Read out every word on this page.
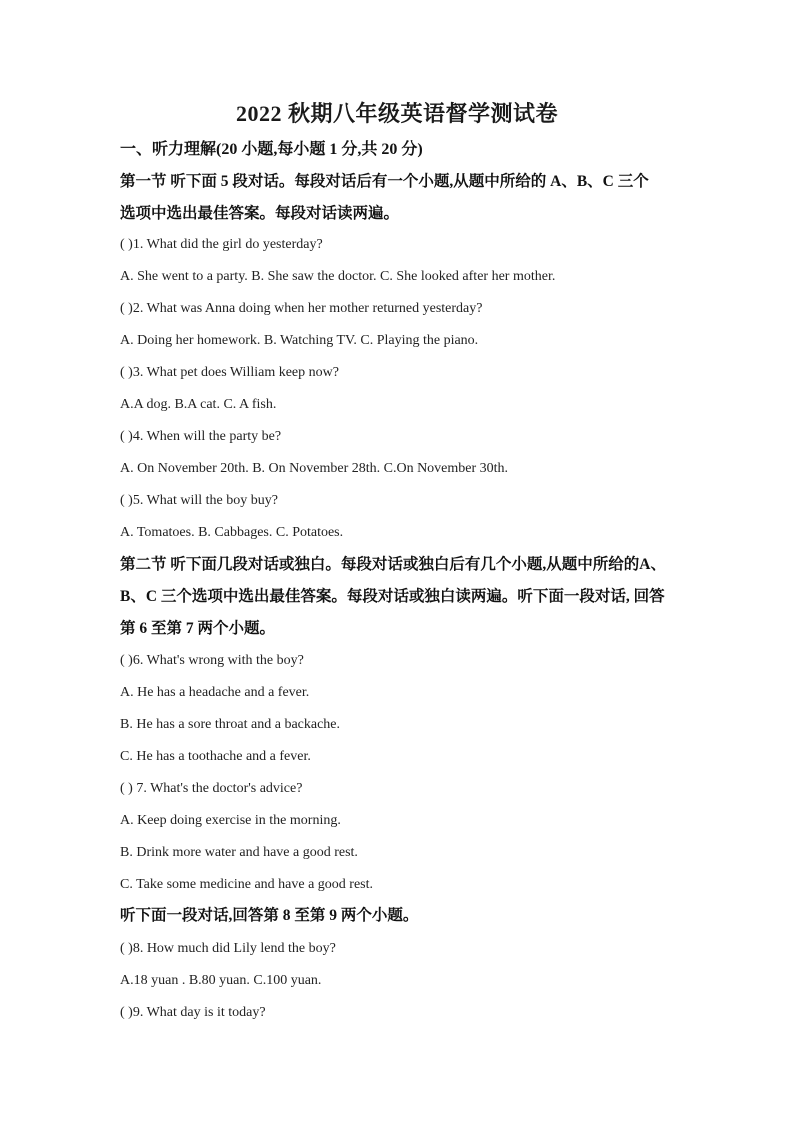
2022 秋期八年级英语督学测试卷
一、听力理解(20 小题,每小题 1 分,共 20 分)
第一节 听下面 5 段对话。每段对话后有一个小题,从题中所给的 A、B、C 三个
选项中选出最佳答案。每段对话读两遍。
( )1. What did the girl do yesterday?
A. She went to a party. B. She saw the doctor. C. She looked after her mother.
( )2. What was Anna doing when her mother returned yesterday?
A. Doing her homework. B. Watching TV. C. Playing the piano.
( )3. What pet does William keep now?
A.A dog. B.A cat. C. A fish.
( )4. When will the party be?
A. On November 20th. B. On November 28th. C.On November 30th.
( )5. What will the boy buy?
A. Tomatoes. B. Cabbages. C. Potatoes.
第二节 听下面几段对话或独白。每段对话或独白后有几个小题,从题中所给的A、
B、C 三个选项中选出最佳答案。每段对话或独白读两遍。听下面一段对话, 回答
第 6 至第 7 两个小题。
( )6. What's wrong with the boy?
A. He has a headache and a fever.
B. He has a sore throat and a backache.
C. He has a toothache and a fever.
( ) 7. What's the doctor's advice?
A. Keep doing exercise in the morning.
B. Drink more water and have a good rest.
C. Take some medicine and have a good rest.
听下面一段对话,回答第 8 至第 9 两个小题。
( )8. How much did Lily lend the boy?
A.18 yuan . B.80 yuan. C.100 yuan.
( )9. What day is it today?
